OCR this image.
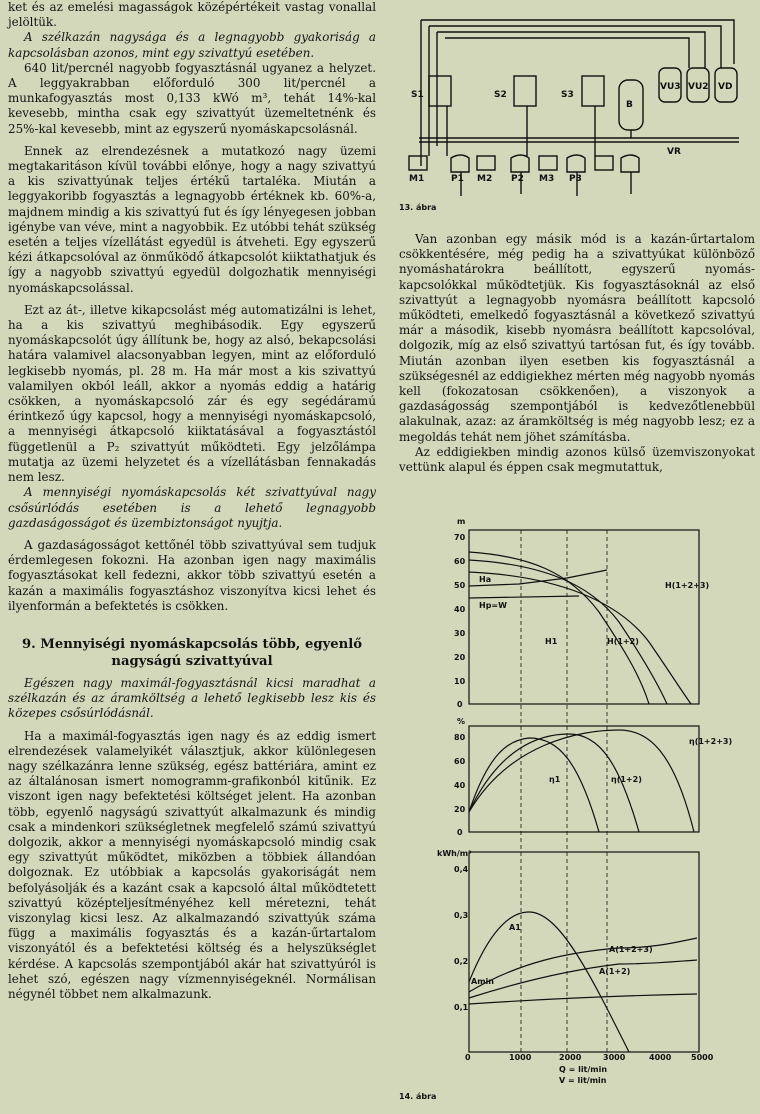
ket és az emelési magasságok középértékeit vastag vonallal jelöltük.

A szélkazán nagysága és a legnagyobb gyakoriság a kapcsolásban azonos, mint egy szivattyú esetében.

640 lit/percnél nagyobb fogyasztásnál ugyanez a helyzet. A leggyakrabban előforduló 300 lit/percnél a munkafogyasztás most 0,133 kWó m³, tehát 14%-kal kevesebb, mintha csak egy szivattyút üzemeltetnénk és 25%-kal kevesebb, mint az egyszerű nyomáskapcsolásnál.

Ennek az elrendezésnek a mutatkozó nagy üzemi megtakaritáson kívül további előnye, hogy a nagy szivattyú a kis szivattyúnak teljes értékű tartaléka. Miután a leggyakoribb fogyasztás a legnagyobb értéknek kb. 60%-a, majdnem mindig a kis szivattyú fut és így lényegesen jobban igénybe van véve, mint a nagyobbik. Ez utóbbi tehát szükség esetén a teljes vízellátást egyedül is átveheti. Egy egyszerű kézi átkapcsolóval az önműködő átkapcsolót kiiktathatjuk és így a nagyobb szivattyú egyedül dolgozhatik mennyiségi nyomáskapcsolással.

Ezt az át-, illetve kikapcsolást még automatizálni is lehet, ha a kis szivattyú meghibásodik. Egy egyszerű nyomáskapcsolót úgy állítunk be, hogy az alsó, bekapcsolási határa valamivel alacsonyabban legyen, mint az előforduló legkisebb nyomás, pl. 28 m. Ha már most a kis szivattyú valamilyen okból leáll, akkor a nyomás eddig a határig csökken, a nyomáskapcsoló zár és egy segédáramú érintkező úgy kapcsol, hogy a mennyiségi nyomáskapcsoló, a mennyiségi átkapcsoló kiiktatásával a fogyasztástól függetlenül a P₂ szivattyút működteti. Egy jelzőlámpa mutatja az üzemi helyzetet és a vízellátásban fennakadás nem lesz.

A mennyiségi nyomáskapcsolás két szivattyúval nagy csősúrlódás esetében is a lehető legnagyobb gazdaságosságot és üzembiztonságot nyujtja.

A gazdaságosságot kettőnél több szivattyúval sem tudjuk érdemlegesen fokozni. Ha azonban igen nagy maximális fogyasztásokat kell fedezni, akkor több szivattyú esetén a kazán a maximális fogyasztáshoz viszonyítva kicsi lehet és ilyenformán a befektetés is csökken.

9. Mennyiségi nyomáskapcsolás több, egyenlő nagyságú szivattyúval

Egészen nagy maximál-fogyasztásnál kicsi maradhat a szélkazán és az áramköltség a lehető legkisebb lesz kis és közepes csősúrlódásnál.

Ha a maximál-fogyasztás igen nagy és az eddig ismert elrendezések valamelyikét választjuk, akkor különlegesen nagy szélkazánra lenne szükség, egész battériára, amint ez az általánosan ismert nomogramm-grafikonból kitűnik. Ez viszont igen nagy befektetési költséget jelent. Ha azonban több, egyenlő nagyságú szivattyút alkalmazunk és mindig csak a mindenkori szükségletnek megfelelő számú szivattyú dolgozik, akkor a mennyiségi nyomáskapcsoló mindig csak egy szivattyút működtet, miközben a többiek állandóan dolgoznak. Ez utóbbiak a kapcsolás gyakoriságát nem befolyásolják és a kazánt csak a kapcsoló által működtetett szivattyú középteljesítményéhez kell méretezni, tehát viszonylag kicsi lesz. Az alkalmazandó szivattyúk száma függ a maximális fogyasztás és a kazán-űrtartalom viszonyától és a befektetési költség és a helyszükséglet kérdése. A kapcsolás szempontjából akár hat szivattyúról is lehet szó, egészen nagy vízmennyiségeknél. Normálisan négynél többet nem alkalmazunk.

S1	S2	S3
B
VU3 VU2 VD
VR
M1	P1 M2 P2 M3 P3
13. ábra

Van azonban egy másik mód is a kazán-űrtartalom csökkentésére, még pedig ha a szivattyúkat különböző nyomáshatárokra beállított, egyszerű nyomás-kapcsolókkal működtetjük. Kis fogyasztásoknál az első szivattyút a legnagyobb nyomásra beállított kapcsoló működteti, emelkedő fogyasztásnál a következő szivattyú már a második, kisebb nyomásra beállított kapcsolóval, dolgozik, míg az első szivattyú tartósan fut, és így tovább. Miután azonban ilyen esetben kis fogyasztásnál a szükségesnél az eddigiekhez mérten még nagyobb nyomás kell (fokozatosan csökkenően), a viszonyok a gazdaságosság szempontjából is kedvezőtlenebbül alakulnak, azaz: az áramköltség is még nagyobb lesz; ez a megoldás tehát nem jöhet számításba.

Az eddigiekben mindig azonos külső üzemviszonyokat vettünk alapul és éppen csak megmutattuk,

m
70
60
50
40
30
20
10
0
Ha
Hp=W
H1	H(1+2)
H(1+2+3)
%
80
60
40
20
0
η1	η(1+2)
η(1+2+3)
kWh/m³
0,4
0,3
0,2
0,1
A1
A(1+2+3)
A(1+2)
Amin
0	1000	2000	3000	4000 5000
Q = lit/min
V = lit/min
14. ábra
